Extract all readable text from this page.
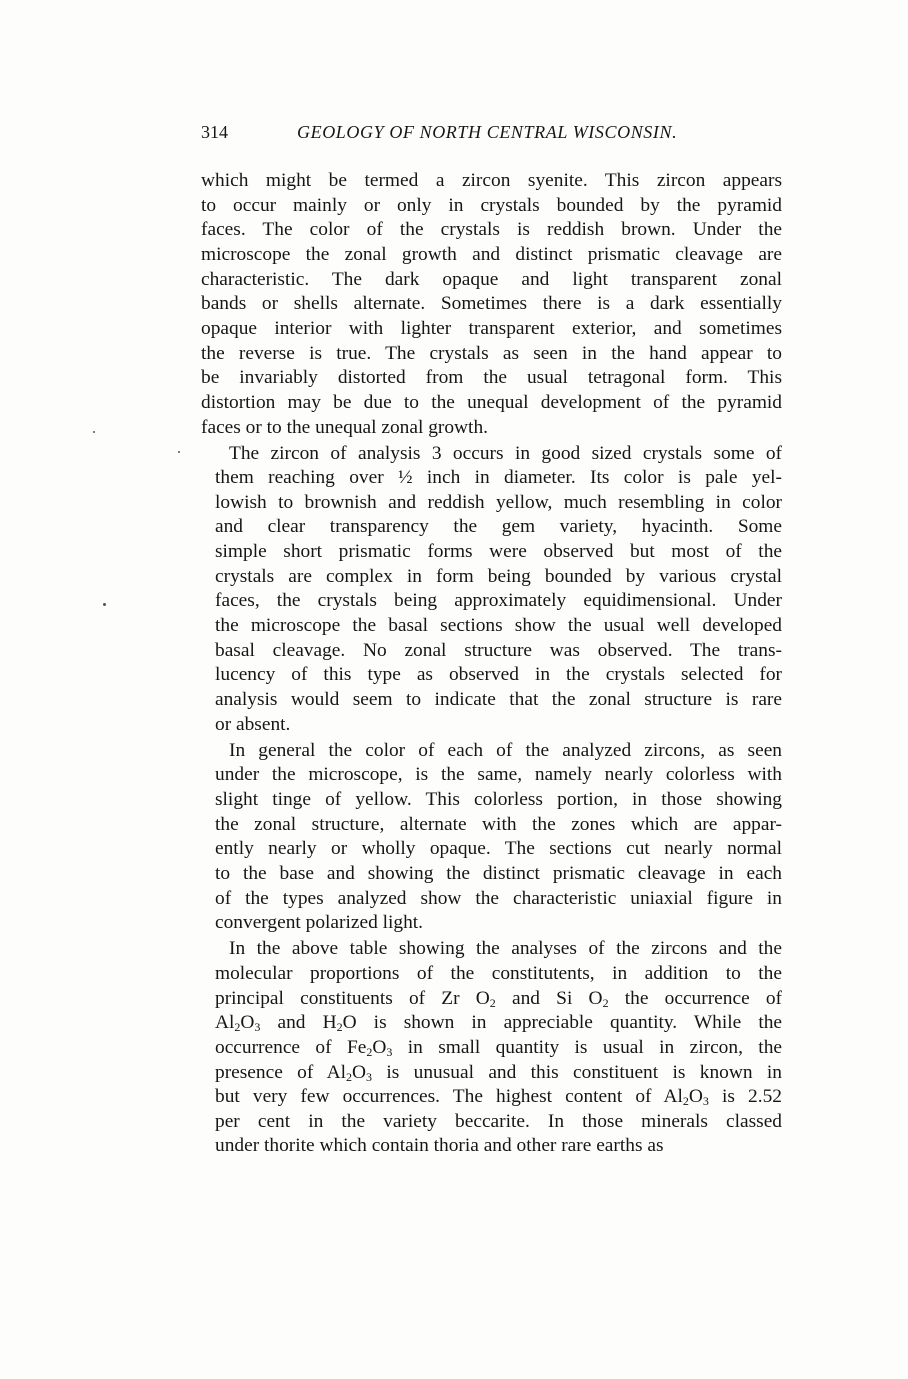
314	GEOLOGY OF NORTH CENTRAL WISCONSIN.
which might be termed a zircon syenite. This zircon appears
to occur mainly or only in crystals bounded by the pyramid
faces. The color of the crystals is reddish brown. Under the
microscope the zonal growth and distinct prismatic cleavage are
characteristic. The dark opaque and light transparent zonal
bands or shells alternate. Sometimes there is a dark essentially
opaque interior with lighter transparent exterior, and sometimes
the reverse is true. The crystals as seen in the hand appear to
be invariably distorted from the usual tetragonal form. This
distortion may be due to the unequal development of the pyramid
faces or to the unequal zonal growth.
The zircon of analysis 3 occurs in good sized crystals some of
them reaching over ½ inch in diameter. Its color is pale yel-
lowish to brownish and reddish yellow, much resembling in color
and clear transparency the gem variety, hyacinth. Some
simple short prismatic forms were observed but most of the
crystals are complex in form being bounded by various crystal
faces, the crystals being approximately equidimensional. Under
the microscope the basal sections show the usual well developed
basal cleavage. No zonal structure was observed. The trans-
lucency of this type as observed in the crystals selected for
analysis would seem to indicate that the zonal structure is rare
or absent.
In general the color of each of the analyzed zircons, as seen
under the microscope, is the same, namely nearly colorless with
slight tinge of yellow. This colorless portion, in those showing
the zonal structure, alternate with the zones which are appar-
ently nearly or wholly opaque. The sections cut nearly normal
to the base and showing the distinct prismatic cleavage in each
of the types analyzed show the characteristic uniaxial figure in
convergent polarized light.
In the above table showing the analyses of the zircons and the
molecular proportions of the constitutents, in addition to the
principal constituents of Zr $O_2$ and Si $O_2$ the occurrence of
$Al_2O_3$ and $H_2O$ is shown in appreciable quantity. While the
occurrence of $Fe_2O_3$ in small quantity is usual in zircon, the
presence of $Al_2O_3$ is unusual and this constituent is known in
but very few occurrences. The highest content of $Al_2O_3$ is 2.52
per cent in the variety beccarite. In those minerals classed
under thorite which contain thoria and other rare earths as
